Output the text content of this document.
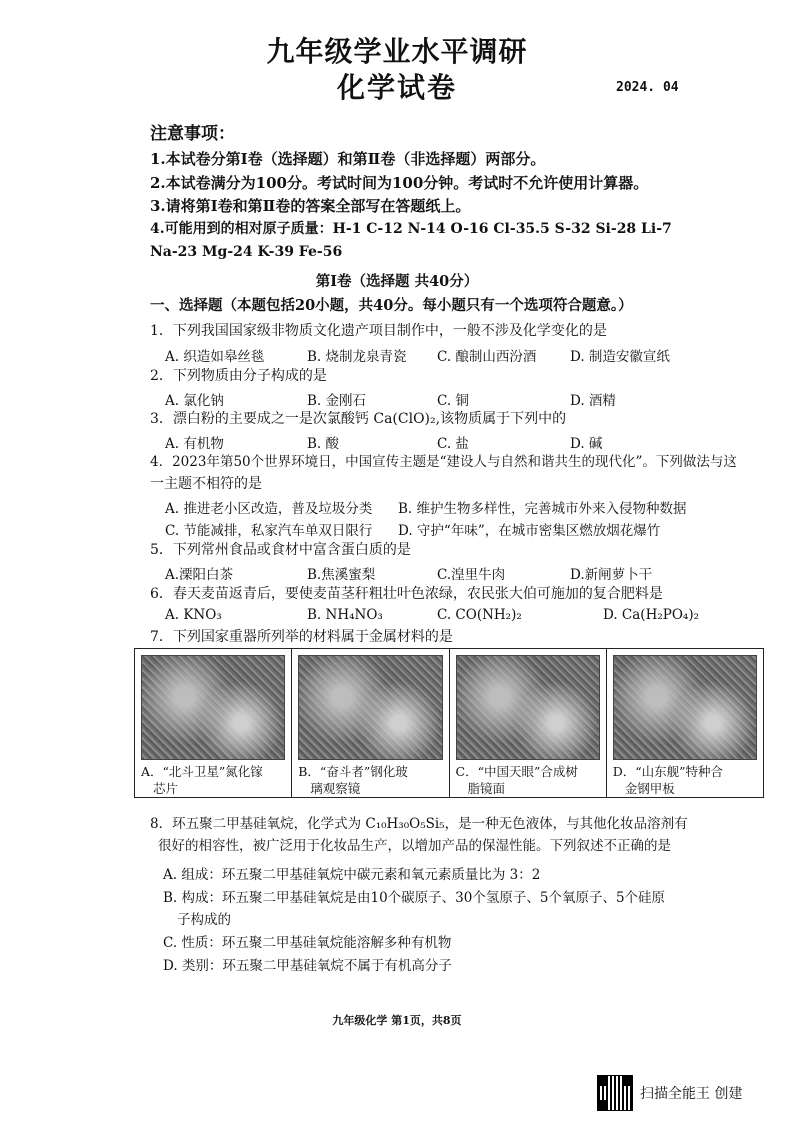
九年级学业水平调研
化学试卷	2024. 04
注意事项：
1.本试卷分第Ⅰ卷（选择题）和第Ⅱ卷（非选择题）两部分。
2.本试卷满分为100分。考试时间为100分钟。考试时不允许使用计算器。
3.请将第Ⅰ卷和第Ⅱ卷的答案全部写在答题纸上。
4.可能用到的相对原子质量：H-1 C-12 N-14 O-16 Cl-35.5 S-32 Si-28 Li-7
Na-23 Mg-24 K-39 Fe-56
第Ⅰ卷（选择题 共40分）
一、选择题（本题包括20小题，共40分。每小题只有一个选项符合题意。）
1．下列我国国家级非物质文化遗产项目制作中，一般不涉及化学变化的是
A. 织造如皋丝毯	B. 烧制龙泉青瓷 C. 酿制山西汾酒 D. 制造安徽宣纸
2．下列物质由分子构成的是
A. 氯化钠	B. 金刚石	C. 铜	D. 酒精
3．漂白粉的主要成之一是次氯酸钙 Ca(ClO)₂,该物质属于下列中的
A. 有机物	B. 酸	C. 盐	D. 碱
4．2023年第50个世界环境日，中国宣传主题是“建设人与自然和谐共生的现代化”。下列做法与这
一主题不相符的是
A. 推进老小区改造，普及垃圾分类 B. 维护生物多样性，完善城市外来入侵物种数据
C. 节能减排，私家汽车单双日限行 D. 守护“年味”，在城市密集区燃放烟花爆竹
5．下列常州食品或食材中富含蛋白质的是
A.溧阳白茶	B.焦溪蜜梨	C.湟里牛肉	D.新闸萝卜干
6．春天麦苗返青后，要使麦苗茎秆粗壮叶色浓绿，农民张大伯可施加的复合肥料是
A. KNO₃	B. NH₄NO₃	C. CO(NH₂)₂	D. Ca(H₂PO₄)₂
7．下列国家重器所列举的材料属于金属材料的是
A．“北斗卫星”氮化镓
芯片
B．“奋斗者”钢化玻
璃观察镜
C．“中国天眼”合成树
脂镜面
D．“山东舰”特种合
金钢甲板
8．环五聚二甲基硅氧烷，化学式为 C₁₀H₃₀O₅Si₅，是一种无色液体，与其他化妆品溶剂有
很好的相容性，被广泛用于化妆品生产，以增加产品的保湿性能。下列叙述不正确的是
A. 组成：环五聚二甲基硅氧烷中碳元素和氧元素质量比为 3：2
B. 构成：环五聚二甲基硅氧烷是由10个碳原子、30个氢原子、5个氧原子、5个硅原
子构成的
C. 性质：环五聚二甲基硅氧烷能溶解多种有机物
D. 类别：环五聚二甲基硅氧烷不属于有机高分子
九年级化学 第1页，共8页
扫描全能王 创建
